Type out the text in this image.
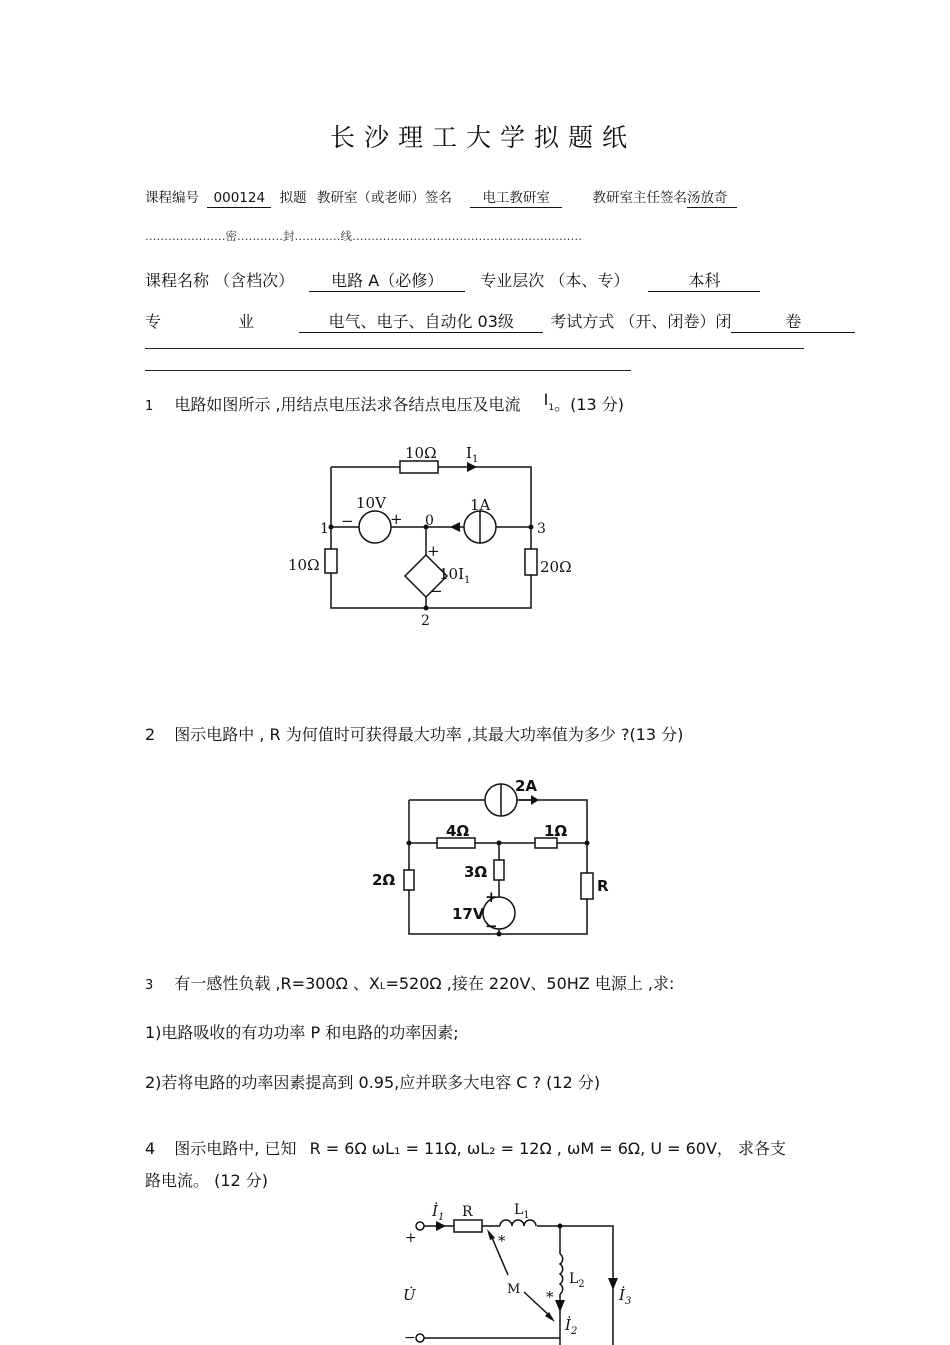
长沙理工大学拟题纸
课程编号 000124 拟题 教研室（或老师）签名 电工教研室	教研室主任签名汤放奇
…………………密…………封…………线……………………………………………………
课程名称 （含档次） 电路 A（必修） 专业层次 （本、专）	本科
专 业 电气、电子、自动化 03级 考试方式 （开、闭卷）闭	卷
1 电路如图所示 ,用结点电压法求各结点电压及电流 I1。(13 分)
10Ω $I_1$
10V	1A
− +
1	0	3
2
10Ω	20Ω
+
−
$10I_1$
2 图示电路中 , R 为何值时可获得最大功率 ,其最大功率值为多少 ?(13 分)
2A
4Ω	1Ω
2Ω	3Ω
R
+
17V
−
3 有一感性负载 ,R=300Ω 、XL=520Ω ,接在 220V、50HZ 电源上 ,求:
1)电路吸收的有功功率 P 和电路的功率因素;
2)若将电路的功率因素提高到 0.95,应并联多大电容 C ? (12 分)
4 图示电路中, 已知 R = 6Ω ωL₁ = 11Ω, ωL₂ = 12Ω , ωM = 6Ω, U = 60V， 求各支
路电流。 (12 分)
$İ_1$ R	$L_1$
*
$L_2$
*
M
+
U̇
−
$İ_2$
$İ_3$
